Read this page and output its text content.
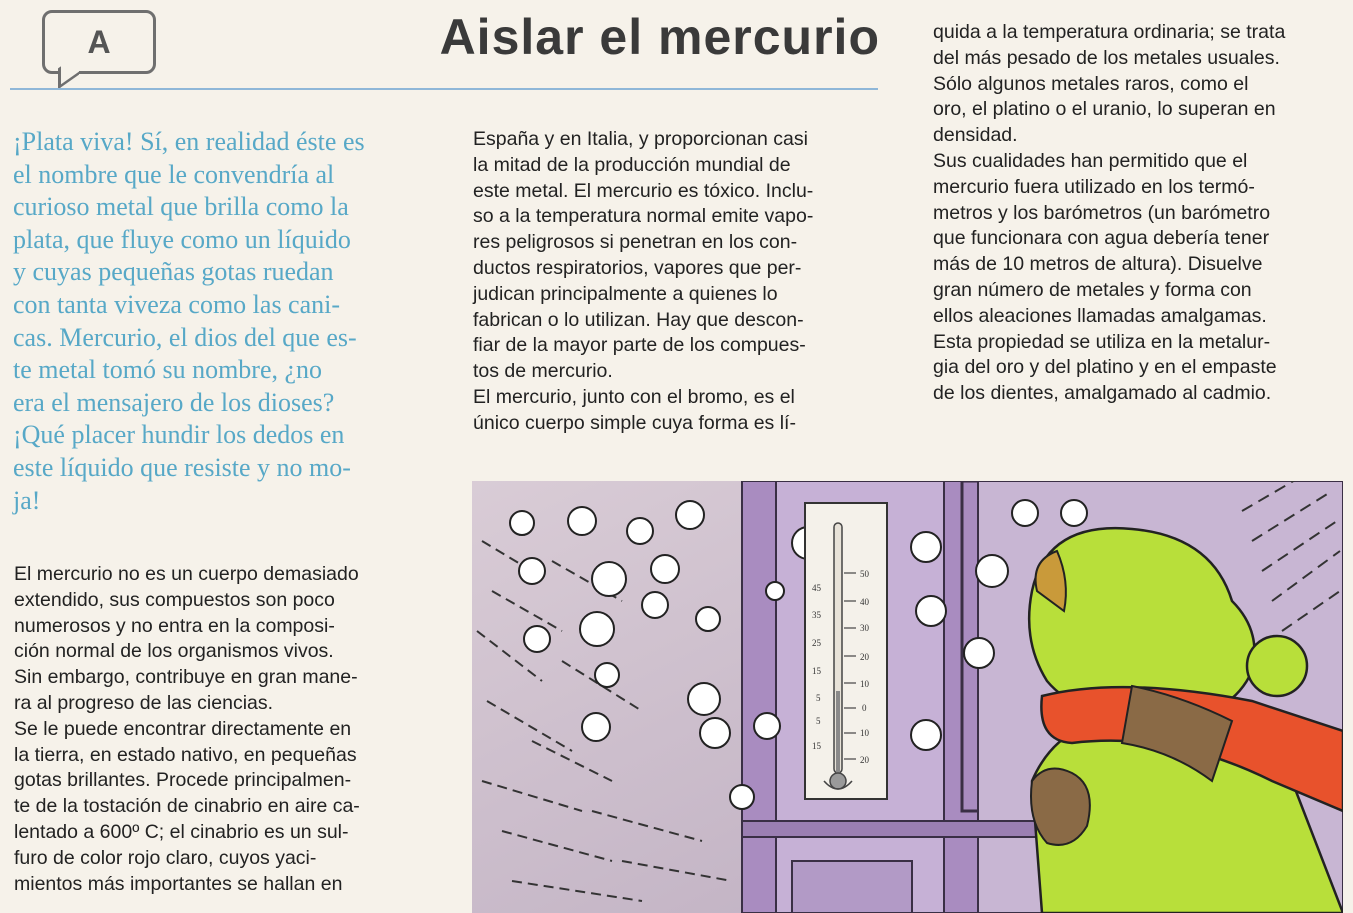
A	Aislar el mercurio
¡Plata viva! Sí, en realidad éste es
el nombre que le convendría al
curioso metal que brilla como la
plata, que fluye como un líquido
y cuyas pequeñas gotas ruedan
con tanta viveza como las cani-
cas. Mercurio, el dios del que es-
te metal tomó su nombre, ¿no
era el mensajero de los dioses?
¡Qué placer hundir los dedos en
este líquido que resiste y no mo-
ja!

El mercurio no es un cuerpo demasiado

extendido, sus compuestos son poco

numerosos y no entra en la composi-

ción normal de los organismos vivos.

Sin embargo, contribuye en gran mane-

ra al progreso de las ciencias.

Se le puede encontrar directamente en

la tierra, en estado nativo, en pequeñas

gotas brillantes. Procede principalmen-

te de la tostación de cinabrio en aire ca-

lentado a 600º C; el cinabrio es un sul-

furo de color rojo claro, cuyos yaci-

mientos más importantes se hallan en

España y en Italia, y proporcionan casi

la mitad de la producción mundial de

este metal. El mercurio es tóxico. Inclu-

so a la temperatura normal emite vapo-

res peligrosos si penetran en los con-

ductos respiratorios, vapores que per-

judican principalmente a quienes lo

fabrican o lo utilizan. Hay que descon-

fiar de la mayor parte de los compues-

tos de mercurio.

El mercurio, junto con el bromo, es el

único cuerpo simple cuya forma es lí-

quida a la temperatura ordinaria; se trata

del más pesado de los metales usuales.

Sólo algunos metales raros, como el

oro, el platino o el uranio, lo superan en

densidad.

Sus cualidades han permitido que el

mercurio fuera utilizado en los termó-

metros y los barómetros (un barómetro

que funcionara con agua debería tener

más de 10 metros de altura). Disuelve

gran número de metales y forma con

ellos aleaciones llamadas amalgamas.

Esta propiedad se utiliza en la metalur-

gia del oro y del platino y en el empaste

de los dientes, amalgamado al cadmio.

45
35
25
15
5
5
15
50
40
30
20
10
0
10
20
